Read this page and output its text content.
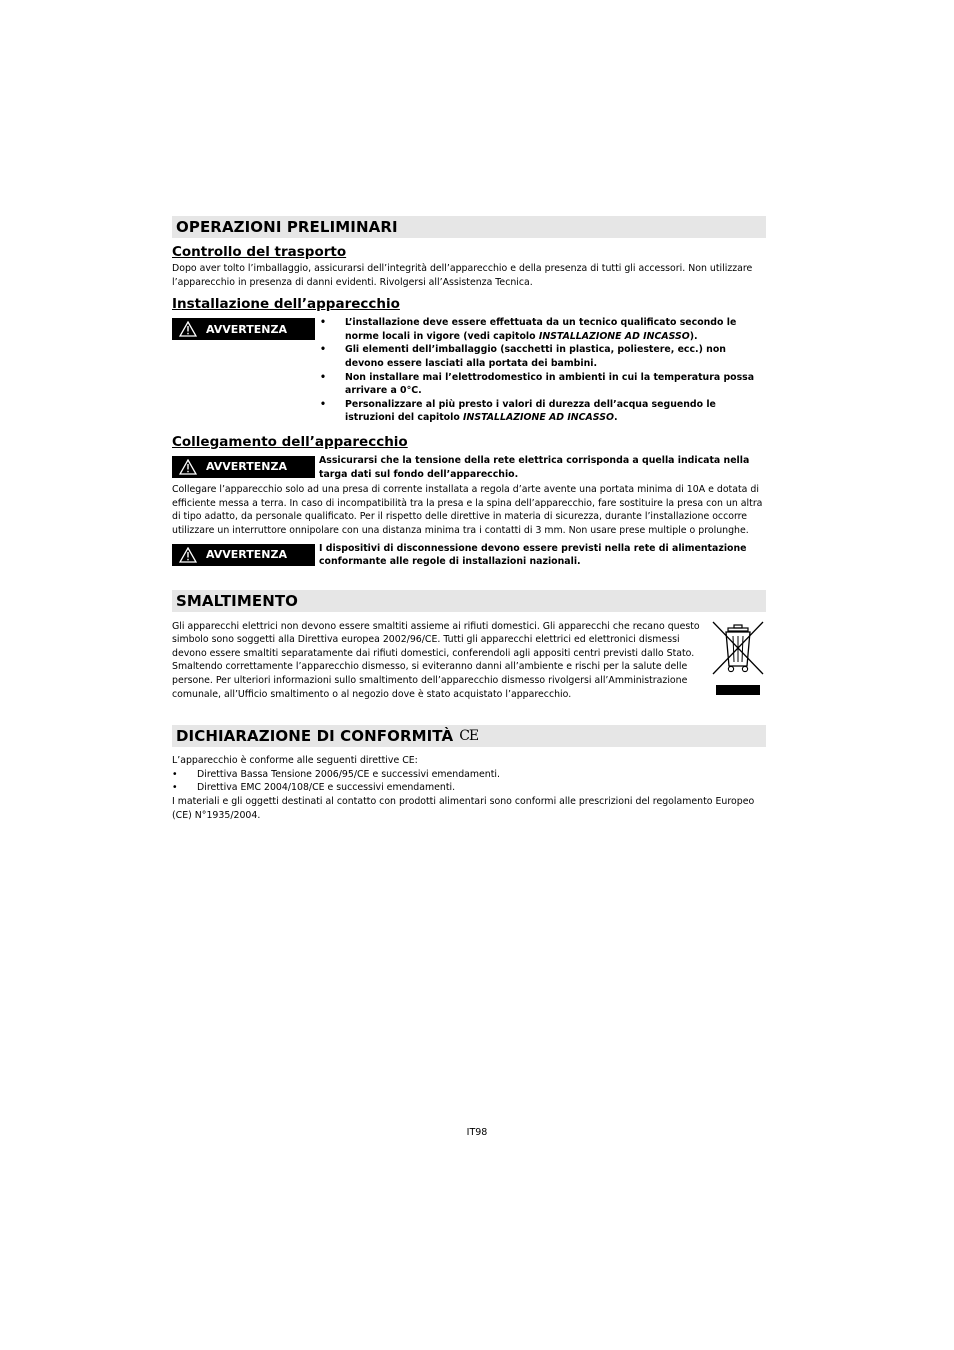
OPERAZIONI PRELIMINARI
Controllo del trasporto

Dopo aver tolto l’imballaggio, assicurarsi dell’integrità dell’apparecchio e della presenza di tutti gli accessori. Non utilizzare l’apparecchio in presenza di danni evidenti. Rivolgersi all’Assistenza Tecnica.

Installazione dell’apparecchio
AVVERTENZA
•	L’installazione deve essere effettuata da un tecnico qualificato secondo le norme locali in vigore (vedi capitolo INSTALLAZIONE AD INCASSO).
• Gli elementi dell’imballaggio (sacchetti in plastica, poliestere, ecc.) non devono essere lasciati alla portata dei bambini.
• Non installare mai l’elettrodomestico in ambienti in cui la temperatura possa arrivare a 0°C.
• Personalizzare al più presto i valori di durezza dell’acqua seguendo le istruzioni del capitolo INSTALLAZIONE AD INCASSO.
Collegamento dell’apparecchio
AVVERTENZA	Assicurarsi che la tensione della rete elettrica corrisponda a quella indicata nella targa dati sul fondo dell’apparecchio.

Collegare l’apparecchio solo ad una presa di corrente installata a regola d’arte avente una portata minima di 10A e dotata di efficiente messa a terra. In caso di incompatibilità tra la presa e la spina dell’apparecchio, fare sostituire la presa con un altra di tipo adatto, da personale qualificato. Per il rispetto delle direttive in materia di sicurezza, durante l’installazione occorre utilizzare un interruttore onnipolare con una distanza minima tra i contatti di 3 mm. Non usare prese multiple o prolunghe.

AVVERTENZA	I dispositivi di disconnessione devono essere previsti nella rete di alimentazione conformante alle regole di installazioni nazionali.
SMALTIMENTO

Gli apparecchi elettrici non devono essere smaltiti assieme ai rifiuti domestici. Gli apparecchi che recano questo simbolo sono soggetti alla Direttiva europea 2002/96/CE. Tutti gli apparecchi elettrici ed elettronici dismessi devono essere smaltiti separatamente dai rifiuti domestici, conferendoli agli appositi centri previsti dallo Stato. Smaltendo correttamente l’apparecchio dismesso, si eviteranno danni all’ambiente e rischi per la salute delle persone. Per ulteriori informazioni sullo smaltimento dell’apparecchio dismesso rivolgersi all’Amministrazione comunale, all’Ufficio smaltimento o al negozio dove è stato acquistato l’apparecchio.

DICHIARAZIONE DI CONFORMITÀ CE

L’apparecchio è conforme alle seguenti direttive CE:

• Direttiva Bassa Tensione 2006/95/CE e successivi emendamenti.
• Direttiva EMC 2004/108/CE e successivi emendamenti.

I materiali e gli oggetti destinati al contatto con prodotti alimentari sono conformi alle prescrizioni del regolamento Europeo (CE) N°1935/2004.

IT98
